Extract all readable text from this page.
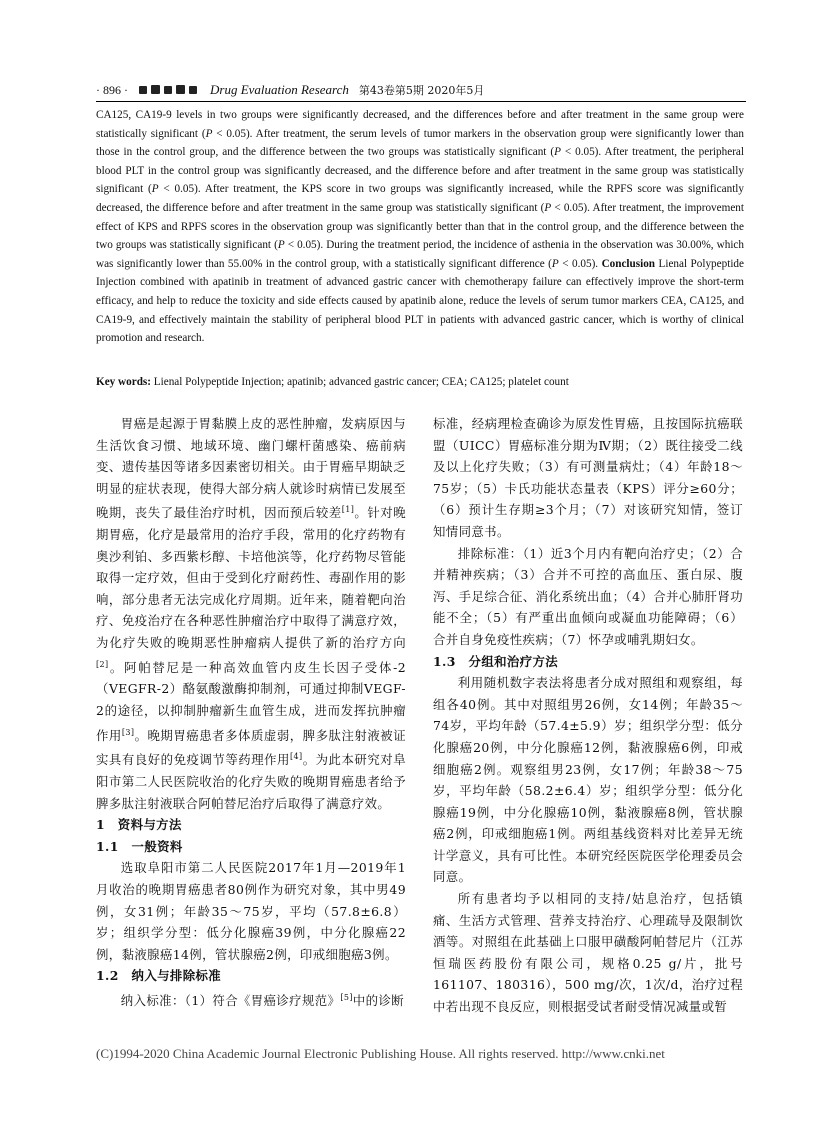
· 896 ·	Drug Evaluation Research 第43卷第5期 2020年5月

CA125, CA19-9 levels in two groups were significantly decreased, and the differences before and after treatment in the same group were statistically significant (P < 0.05). After treatment, the serum levels of tumor markers in the observation group were significantly lower than those in the control group, and the difference between the two groups was statistically significant (P < 0.05). After treatment, the peripheral blood PLT in the control group was significantly decreased, and the difference before and after treatment in the same group was statistically significant (P < 0.05). After treatment, the KPS score in two groups was significantly increased, while the RPFS score was significantly decreased, the difference before and after treatment in the same group was statistically significant (P < 0.05). After treatment, the improvement effect of KPS and RPFS scores in the observation group was significantly better than that in the control group, and the difference between the two groups was statistically significant (P < 0.05). During the treatment period, the incidence of asthenia in the observation was 30.00%, which was significantly lower than 55.00% in the control group, with a statistically significant difference (P < 0.05). Conclusion Lienal Polypeptide Injection combined with apatinib in treatment of advanced gastric cancer with chemotherapy failure can effectively improve the short-term efficacy, and help to reduce the toxicity and side effects caused by apatinib alone, reduce the levels of serum tumor markers CEA, CA125, and CA19-9, and effectively maintain the stability of peripheral blood PLT in patients with advanced gastric cancer, which is worthy of clinical promotion and research.

Key words: Lienal Polypeptide Injection; apatinib; advanced gastric cancer; CEA; CA125; platelet count

胃癌是起源于胃黏膜上皮的恶性肿瘤，发病原因与生活饮食习惯、地域环境、幽门螺杆菌感染、癌前病变、遗传基因等诸多因素密切相关。由于胃癌早期缺乏明显的症状表现，使得大部分病人就诊时病情已发展至晚期，丧失了最佳治疗时机，因而预后较差[1]。针对晚期胃癌，化疗是最常用的治疗手段，常用的化疗药物有奥沙利铂、多西紫杉醇、卡培他滨等，化疗药物尽管能取得一定疗效，但由于受到化疗耐药性、毒副作用的影响，部分患者无法完成化疗周期。近年来，随着靶向治疗、免疫治疗在各种恶性肿瘤治疗中取得了满意疗效，为化疗失败的晚期恶性肿瘤病人提供了新的治疗方向[2]。阿帕替尼是一种高效血管内皮生长因子受体-2（VEGFR-2）酪氨酸激酶抑制剂，可通过抑制VEGF-2的途径，以抑制肿瘤新生血管生成，进而发挥抗肿瘤作用[3]。晚期胃癌患者多体质虚弱，脾多肽注射液被证实具有良好的免疫调节等药理作用[4]。为此本研究对阜阳市第二人民医院收治的化疗失败的晚期胃癌患者给予脾多肽注射液联合阿帕替尼治疗后取得了满意疗效。

1　资料与方法
1.1　一般资料

选取阜阳市第二人民医院2017年1月—2019年1月收治的晚期胃癌患者80例作为研究对象，其中男49例，女31例；年龄35～75岁，平均（57.8±6.8）岁；组织学分型：低分化腺癌39例，中分化腺癌22例，黏液腺癌14例，管状腺癌2例，印戒细胞癌3例。

1.2　纳入与排除标准

纳入标准：（1）符合《胃癌诊疗规范》[5]中的诊断

标准，经病理检查确诊为原发性胃癌，且按国际抗癌联盟（UICC）胃癌标准分期为Ⅳ期；（2）既往接受二线及以上化疗失败；（3）有可测量病灶；（4）年龄18～75岁；（5）卡氏功能状态量表（KPS）评分≥60分；（6）预计生存期≥3个月；（7）对该研究知情，签订知情同意书。

排除标准：（1）近3个月内有靶向治疗史；（2）合并精神疾病；（3）合并不可控的高血压、蛋白尿、腹泻、手足综合征、消化系统出血；（4）合并心肺肝肾功能不全；（5）有严重出血倾向或凝血功能障碍；（6）合并自身免疫性疾病；（7）怀孕或哺乳期妇女。

1.3　分组和治疗方法

利用随机数字表法将患者分成对照组和观察组，每组各40例。其中对照组男26例，女14例；年龄35～74岁，平均年龄（57.4±5.9）岁；组织学分型：低分化腺癌20例，中分化腺癌12例，黏液腺癌6例，印戒细胞癌2例。观察组男23例，女17例；年龄38～75岁，平均年龄（58.2±6.4）岁；组织学分型：低分化腺癌19例，中分化腺癌10例，黏液腺癌8例，管状腺癌2例，印戒细胞癌1例。两组基线资料对比差异无统计学意义，具有可比性。本研究经医院医学伦理委员会同意。

所有患者均予以相同的支持/姑息治疗，包括镇痛、生活方式管理、营养支持治疗、心理疏导及限制饮酒等。对照组在此基础上口服甲磺酸阿帕替尼片（江苏恒瑞医药股份有限公司，规格0.25 g/片，批号161107、180316），500 mg/次，1次/d，治疗过程中若出现不良反应，则根据受试者耐受情况减量或暂

(C)1994-2020 China Academic Journal Electronic Publishing House. All rights reserved. http://www.cnki.net
